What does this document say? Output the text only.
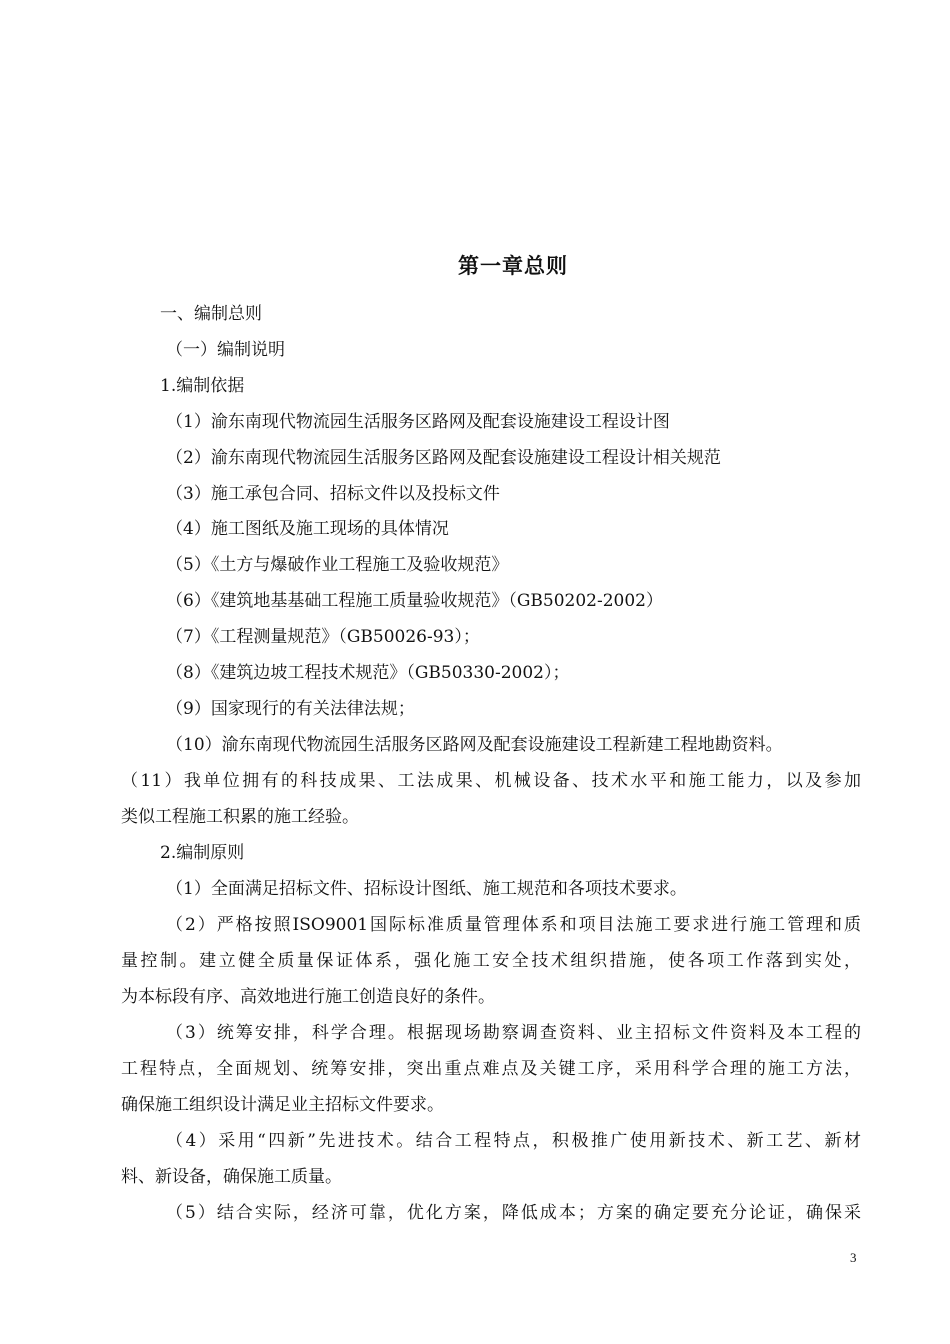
第一章总则
一、编制总则
（一）编制说明
1.编制依据
（1）渝东南现代物流园生活服务区路网及配套设施建设工程设计图
（2）渝东南现代物流园生活服务区路网及配套设施建设工程设计相关规范
（3）施工承包合同、招标文件以及投标文件
（4）施工图纸及施工现场的具体情况
（5）《土方与爆破作业工程施工及验收规范》
（6）《建筑地基基础工程施工质量验收规范》（GB50202-2002）
（7）《工程测量规范》（GB50026-93）；
（8）《建筑边坡工程技术规范》（GB50330-2002）；
（9）国家现行的有关法律法规；
（10）渝东南现代物流园生活服务区路网及配套设施建设工程新建工程地勘资料。
（11）我单位拥有的科技成果、工法成果、机械设备、技术水平和施工能力，以及参加
类似工程施工积累的施工经验。
2.编制原则
（1）全面满足招标文件、招标设计图纸、施工规范和各项技术要求。
（2）严格按照ISO9001国际标准质量管理体系和项目法施工要求进行施工管理和质
量控制。建立健全质量保证体系，强化施工安全技术组织措施，使各项工作落到实处，
为本标段有序、高效地进行施工创造良好的条件。
（3）统筹安排，科学合理。根据现场勘察调查资料、业主招标文件资料及本工程的
工程特点，全面规划、统筹安排，突出重点难点及关键工序，采用科学合理的施工方法，
确保施工组织设计满足业主招标文件要求。
（4）采用“四新”先进技术。结合工程特点，积极推广使用新技术、新工艺、新材
料、新设备，确保施工质量。
（5）结合实际，经济可靠，优化方案，降低成本；方案的确定要充分论证，确保采
3
